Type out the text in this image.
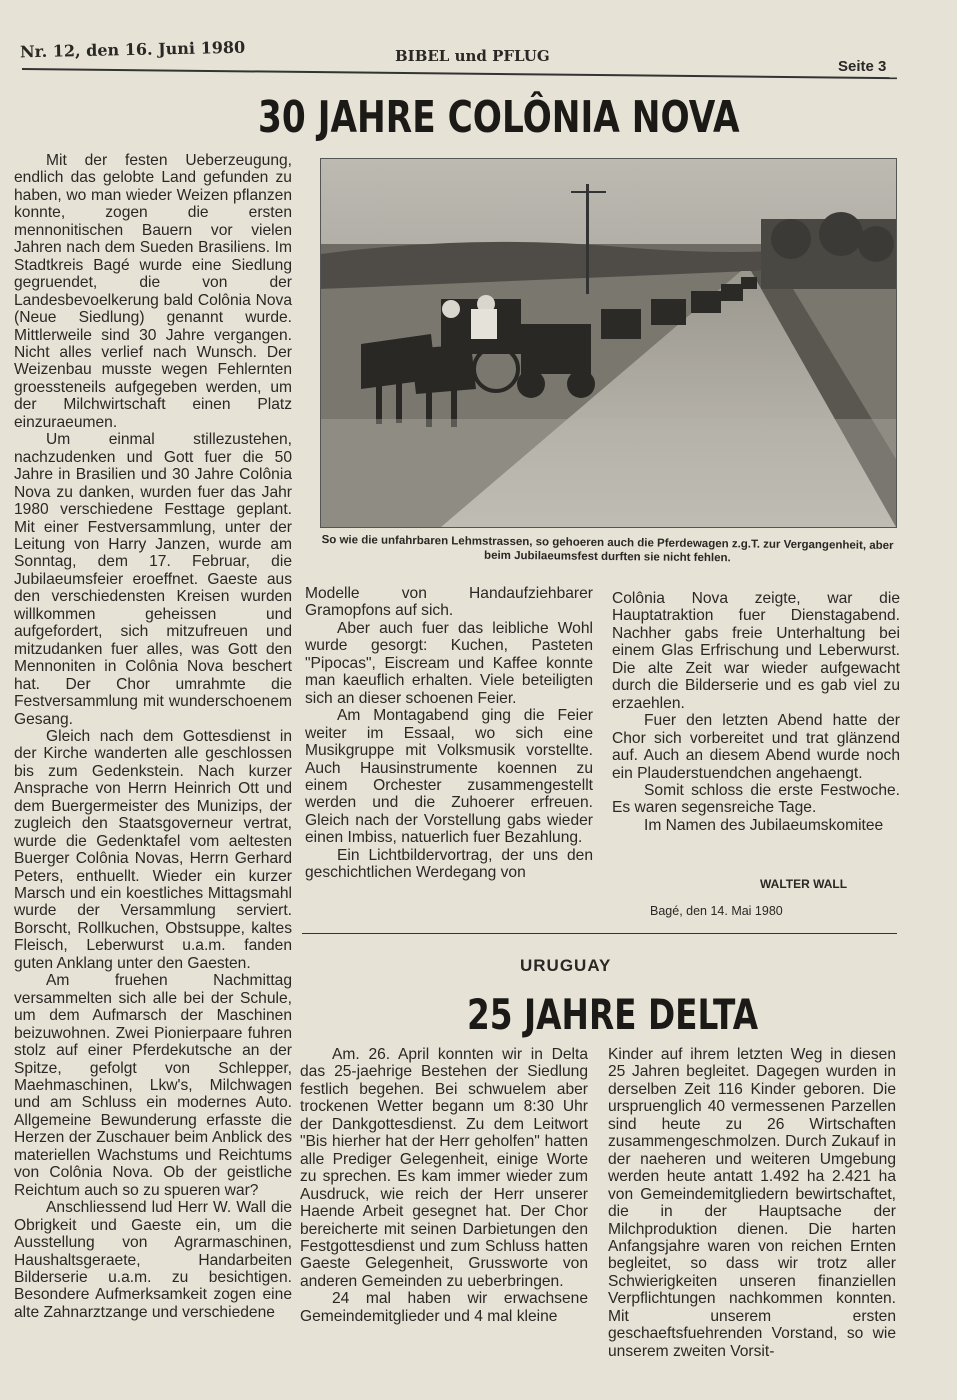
Nr. 12, den 16. Juni 1980	BIBEL und PFLUG
Seite 3
30 JAHRE COLÔNIA NOVA
So wie die unfahrbaren Lehmstrassen, so gehoeren auch die Pferdewagen z.g.T. zur Vergangenheit, aber beim Jubilaeumsfest durften sie nicht fehlen.

Mit der festen Ueberzeugung, endlich das gelobte Land gefunden zu haben, wo man wieder Weizen pflanzen konnte, zogen die ersten mennonitischen Bauern vor vielen Jahren nach dem Sueden Brasiliens. Im Stadtkreis Bagé wurde eine Siedlung gegruendet, die von der Landesbevoelkerung bald Colônia Nova (Neue Siedlung) genannt wurde. Mittlerweile sind 30 Jahre vergangen. Nicht alles verlief nach Wunsch. Der Weizenbau musste wegen Fehlernten groessteneils aufgegeben werden, um der Milchwirtschaft einen Platz einzuraeumen.

Um einmal stillezustehen, nachzudenken und Gott fuer die 50 Jahre in Brasilien und 30 Jahre Colônia Nova zu danken, wurden fuer das Jahr 1980 verschiedene Festtage geplant. Mit einer Festversammlung, unter der Leitung von Harry Janzen, wurde am Sonntag, dem 17. Februar, die Jubilaeumsfeier eroeffnet. Gaeste aus den verschiedensten Kreisen wurden willkommen geheissen und aufgefordert, sich mitzufreuen und mitzudanken fuer alles, was Gott den Mennoniten in Colônia Nova beschert hat. Der Chor umrahmte die Festversammlung mit wunderschoenem Gesang.

Gleich nach dem Gottesdienst in der Kirche wanderten alle geschlossen bis zum Gedenkstein. Nach kurzer Ansprache von Herrn Heinrich Ott und dem Buergermeister des Munizips, der zugleich den Staatsgoverneur vertrat, wurde die Gedenktafel vom aeltesten Buerger Colônia Novas, Herrn Gerhard Peters, enthuellt. Wieder ein kurzer Marsch und ein koestliches Mittagsmahl wurde der Versammlung serviert. Borscht, Rollkuchen, Obstsuppe, kaltes Fleisch, Leberwurst u.a.m. fanden guten Anklang unter den Gaesten.

Am fruehen Nachmittag versammelten sich alle bei der Schule, um dem Aufmarsch der Maschinen beizuwohnen. Zwei Pionierpaare fuhren stolz auf einer Pferdekutsche an der Spitze, gefolgt von Schlepper, Maehmaschinen, Lkw's, Milchwagen und am Schluss ein modernes Auto. Allgemeine Bewunderung erfasste die Herzen der Zuschauer beim Anblick des materiellen Wachstums und Reichtums von Colônia Nova. Ob der geistliche Reichtum auch so zu spueren war?

Anschliessend lud Herr W. Wall die Obrigkeit und Gaeste ein, um die Ausstellung von Agrarmaschinen, Haushaltsgeraete, Handarbeiten Bilderserie u.a.m. zu besichtigen. Besondere Aufmerksamkeit zogen eine alte Zahnarztzange und verschiedene

Modelle von Handaufziehbarer Gramopfons auf sich.

Aber auch fuer das leibliche Wohl wurde gesorgt: Kuchen, Pasteten "Pipocas", Eiscream und Kaffee konnte man kaeuflich erhalten. Viele beteiligten sich an dieser schoenen Feier.

Am Montagabend ging die Feier weiter im Essaal, wo sich eine Musikgruppe mit Volksmusik vorstellte. Auch Hausinstrumente koennen zu einem Orchester zusammengestellt werden und die Zuhoerer erfreuen. Gleich nach der Vorstellung gabs wieder einen Imbiss, natuerlich fuer Bezahlung.

Ein Lichtbildervortrag, der uns den geschichtlichen Werdegang von

Colônia Nova zeigte, war die Hauptatraktion fuer Dienstagabend. Nachher gabs freie Unterhaltung bei einem Glas Erfrischung und Leberwurst. Die alte Zeit war wieder aufgewacht durch die Bilderserie und es gab viel zu erzaehlen.

Fuer den letzten Abend hatte der Chor sich vorbereitet und trat glänzend auf. Auch an diesem Abend wurde noch ein Plauderstuendchen angehaengt.

Somit schloss die erste Festwoche. Es waren segensreiche Tage.

Im Namen des Jubilaeumskomitee

WALTER WALL
Bagé, den 14. Mai 1980
URUGUAY
25 JAHRE DELTA

Am. 26. April konnten wir in Delta das 25-jaehrige Bestehen der Siedlung festlich begehen. Bei schwuelem aber trockenen Wetter begann um 8:30 Uhr der Dankgottesdienst. Zu dem Leitwort "Bis hierher hat der Herr geholfen" hatten alle Prediger Gelegenheit, einige Worte zu sprechen. Es kam immer wieder zum Ausdruck, wie reich der Herr unserer Haende Arbeit gesegnet hat. Der Chor bereicherte mit seinen Darbietungen den Festgottesdienst und zum Schluss hatten Gaeste Gelegenheit, Grussworte von anderen Gemeinden zu ueberbringen.

24 mal haben wir erwachsene Gemeindemitglieder und 4 mal kleine

Kinder auf ihrem letzten Weg in diesen 25 Jahren begleitet. Dagegen wurden in derselben Zeit 116 Kinder geboren. Die urspruenglich 40 vermessenen Parzellen sind heute zu 26 Wirtschaften zusammengeschmolzen. Durch Zukauf in der naeheren und weiteren Umgebung werden heute antatt 1.492 ha 2.421 ha von Gemeindemitgliedern bewirtschaftet, die in der Hauptsache der Milchproduktion dienen. Die harten Anfangsjahre waren von reichen Ernten begleitet, so dass wir trotz aller Schwierigkeiten unseren finanziellen Verpflichtungen nachkommen konnten. Mit unserem ersten geschaeftsfuehrenden Vorstand, so wie unserem zweiten Vorsit-
